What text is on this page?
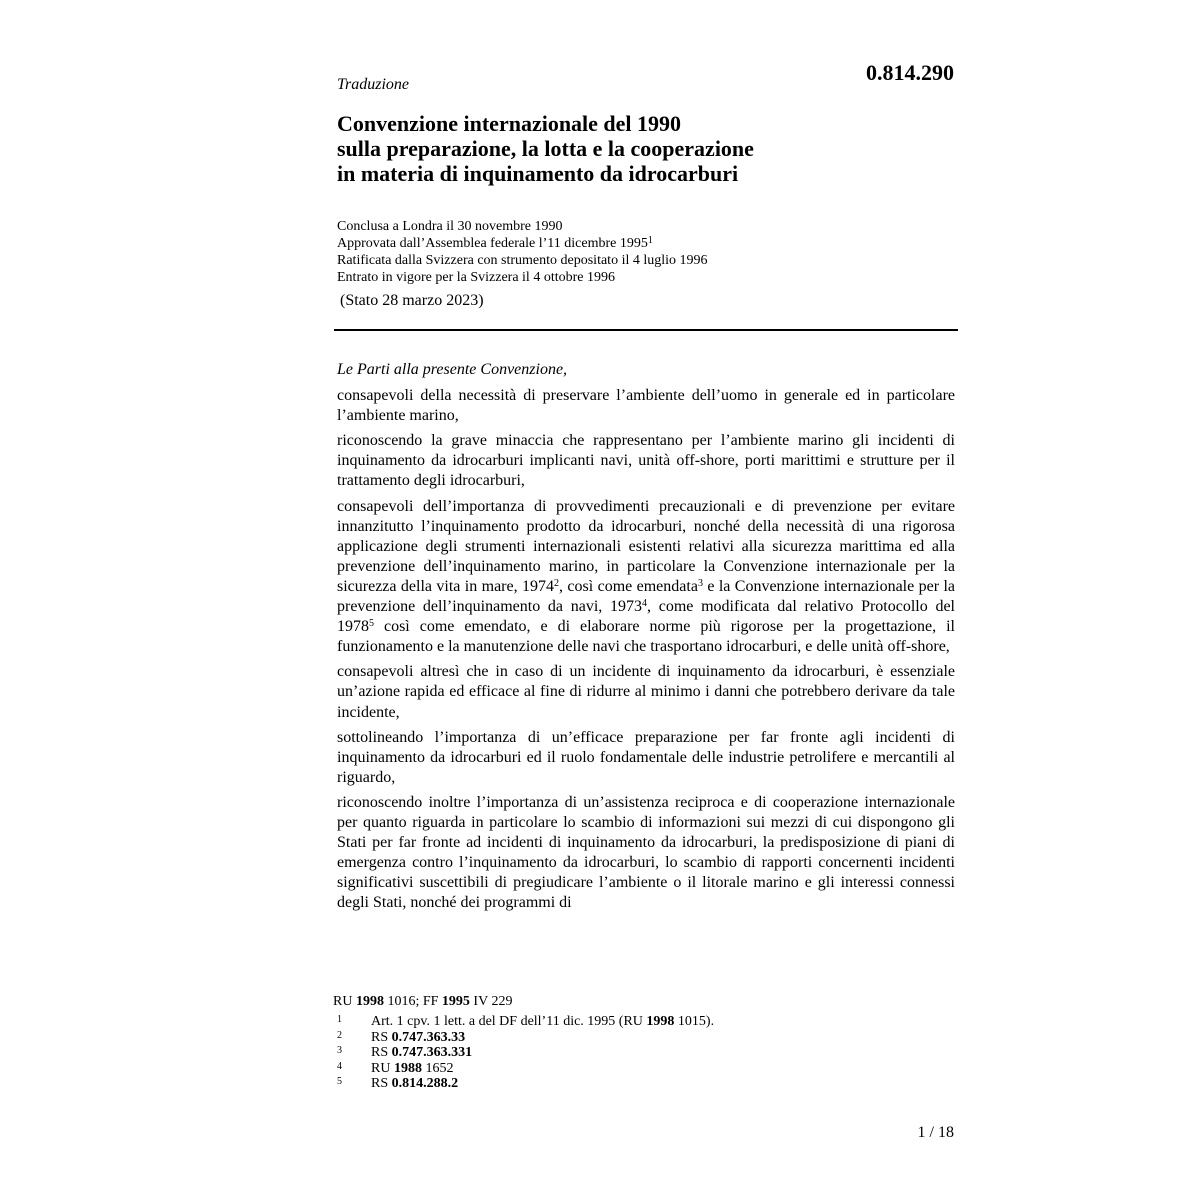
Traduzione	0.814.290
Convenzione internazionale del 1990
sulla preparazione, la lotta e la cooperazione
in materia di inquinamento da idrocarburi
Conclusa a Londra il 30 novembre 1990
Approvata dall’Assemblea federale l’11 dicembre 1995$^1$
Ratificata dalla Svizzera con strumento depositato il 4 luglio 1996
Entrato in vigore per la Svizzera il 4 ottobre 1996
(Stato 28 marzo 2023)

Le Parti alla presente Convenzione,

consapevoli della necessità di preservare l’ambiente dell’uomo in generale ed in particolare l’ambiente marino,

riconoscendo la grave minaccia che rappresentano per l’ambiente marino gli incidenti di inquinamento da idrocarburi implicanti navi, unità off-shore, porti marittimi e strutture per il trattamento degli idrocarburi,

consapevoli dell’importanza di provvedimenti precauzionali e di prevenzione per evitare innanzitutto l’inquinamento prodotto da idrocarburi, nonché della necessità di una rigorosa applicazione degli strumenti internazionali esistenti relativi alla sicurezza marittima ed alla prevenzione dell’inquinamento marino, in particolare la Convenzione internazionale per la sicurezza della vita in mare, 1974$^2$, così come emendata$^3$ e la Convenzione internazionale per la prevenzione dell’inquinamento da navi, 1973$^4$, come modificata dal relativo Protocollo del 1978$^5$ così come emendato, e di elaborare norme più rigorose per la progettazione, il funzionamento e la manutenzione delle navi che trasportano idrocarburi, e delle unità off-shore,

consapevoli altresì che in caso di un incidente di inquinamento da idrocarburi, è essenziale un’azione rapida ed efficace al fine di ridurre al minimo i danni che potrebbero derivare da tale incidente,

sottolineando l’importanza di un’efficace preparazione per far fronte agli incidenti di inquinamento da idrocarburi ed il ruolo fondamentale delle industrie petrolifere e mercantili al riguardo,

riconoscendo inoltre l’importanza di un’assistenza reciproca e di cooperazione internazionale per quanto riguarda in particolare lo scambio di informazioni sui mezzi di cui dispongono gli Stati per far fronte ad incidenti di inquinamento da idrocarburi, la predisposizione di piani di emergenza contro l’inquinamento da idrocarburi, lo scambio di rapporti concernenti incidenti significativi suscettibili di pregiudicare l’ambiente o il litorale marino e gli interessi connessi degli Stati, nonché dei programmi di

RU 1998 1016; FF 1995 IV 229
1	Art. 1 cpv. 1 lett. a del DF dell’11 dic. 1995 (RU 1998 1015).
2	RS 0.747.363.33
3	RS 0.747.363.331
4	RU 1988 1652
5	RS 0.814.288.2
1 / 18
